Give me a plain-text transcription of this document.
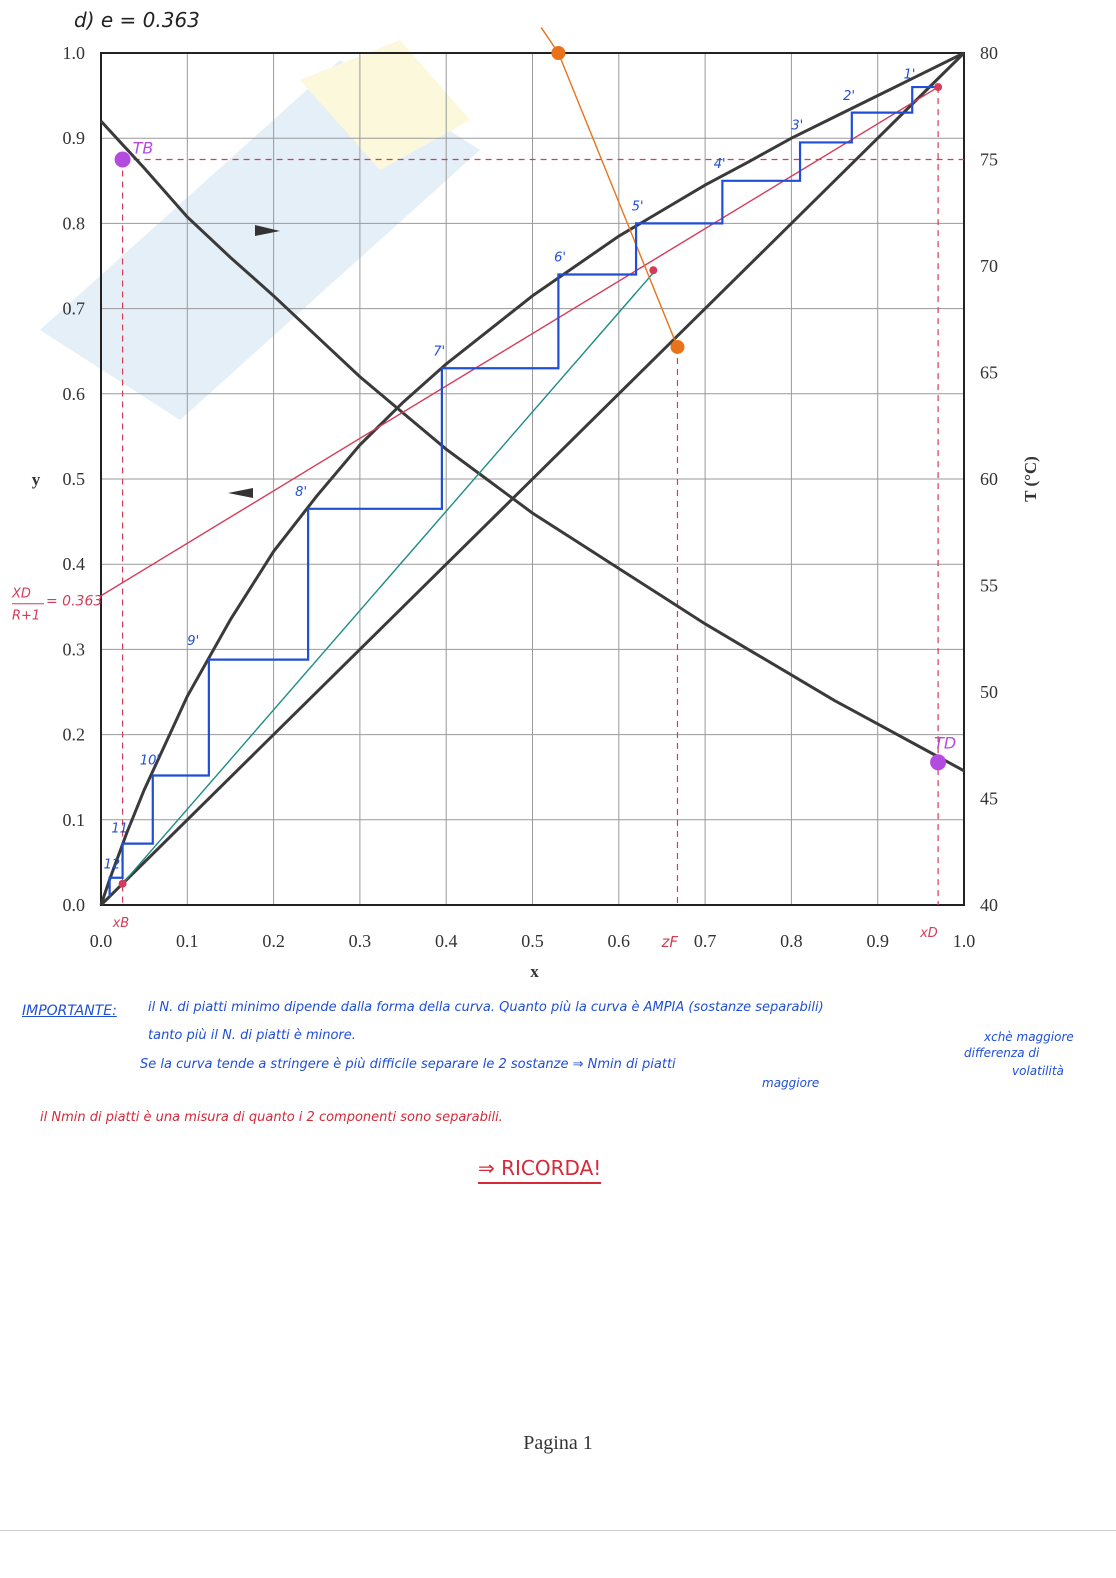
0.0	0.1	0.2	0.3	0.4	0.5	0.6	0.7	0.8	0.9	1.0
0.0
0.1
0.2
0.3
0.4
0.5
0.6
0.7
0.8
0.9
1.0
40
45
50
55
60
65
70
75
80
x
y	T (°C)
1'
2'
3'
4'
5'
6'
7'
8'
9'
10'
11'
12'
TB
TD
xB
xD
zF
XD
R+1
= 0.363
d) e = 0.363
IMPORTANTE: il N. di piatti minimo dipende dalla forma della curva. Quanto più la curva è AMPIA (sostanze separabili)
tanto più il N. di piatti è minore.
Se la curva tende a stringere è più difficile separare le 2 sostanze ⇒ Nmin di piatti
maggiore
xchè maggiore
differenza di
volatilità
il Nmin di piatti è una misura di quanto i 2 componenti sono separabili.
⇒ RICORDA!
Pagina 1
